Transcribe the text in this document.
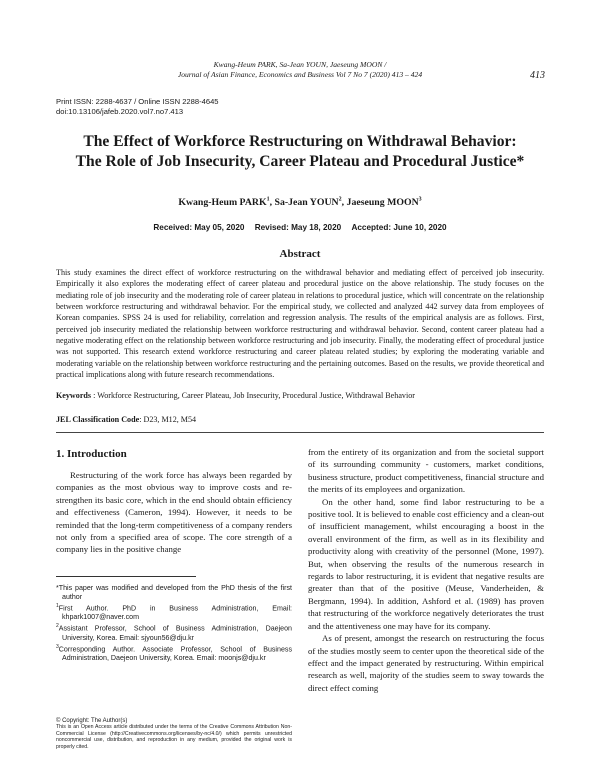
Kwang-Heum PARK, Sa-Jean YOUN, Jaeseung MOON /
Journal of Asian Finance, Economics and Business Vol 7 No 7 (2020) 413 – 424	413
Print ISSN: 2288-4637 / Online ISSN 2288-4645
doi:10.13106/jafeb.2020.vol7.no7.413
The Effect of Workforce Restructuring on Withdrawal Behavior:
The Role of Job Insecurity, Career Plateau and Procedural Justice*
Kwang-Heum PARK$^1$, Sa-Jean YOUN$^2$, Jaeseung MOON$^3$
Received: May 05, 2020 Revised: May 18, 2020 Accepted: June 10, 2020
Abstract
This study examines the direct effect of workforce restructuring on the withdrawal behavior and mediating effect of perceived job insecurity. Empirically it also explores the moderating effect of career plateau and procedural justice on the above relationship. The study focuses on the mediating role of job insecurity and the moderating role of career plateau in relations to procedural justice, which will concentrate on the relationship between workforce restructuring and withdrawal behavior. For the empirical study, we collected and analyzed 442 survey data from employees of Korean companies. SPSS 24 is used for reliability, correlation and regression analysis. The results of the empirical analysis are as follows. First, perceived job insecurity mediated the relationship between workforce restructuring and withdrawal behavior. Second, content career plateau had a negative moderating effect on the relationship between workforce restructuring and job insecurity. Finally, the moderating effect of procedural justice was not supported. This research extend workforce restructuring and career plateau related studies; by exploring the moderating variable and moderating variable on the relationship between workforce restructuring and the pertaining outcomes. Based on the results, we provide theoretical and practical implications along with future research recommendations.
Keywords : Workforce Restructuring, Career Plateau, Job Insecurity, Procedural Justice, Withdrawal Behavior
JEL Classification Code: D23, M12, M54
1. Introduction

Restructuring of the work force has always been regarded by companies as the most obvious way to improve costs and re-strengthen its basic core, which in the end should obtain efficiency and effectiveness (Cameron, 1994). However, it needs to be reminded that the long-term competitiveness of a company renders not only from a specified area of scope. The core strength of a company lies in the positive change

from the entirety of its organization and from the societal support of its surrounding community - customers, market conditions, business structure, product competitiveness, financial structure and the merits of its employees and organization.

On the other hand, some find labor restructuring to be a positive tool. It is believed to enable cost efficiency and a clean-out of insufficient management, whilst encouraging a boost in the overall environment of the firm, as well as in its flexibility and productivity along with creativity of the personnel (Mone, 1997). But, when observing the results of the numerous research in regards to labor restructuring, it is evident that negative results are greater than that of the positive (Meuse, Vanderheiden, & Bergmann, 1994). In addition, Ashford et al. (1989) has proven that restructuring of the workforce negatively deteriorates the trust and the attentiveness one may have for its company.

As of present, amongst the research on restructuring the focus of the studies mostly seem to center upon the theoretical side of the effect and the impact generated by restructuring. Within empirical research as well, majority of the studies seem to sway towards the direct effect coming

*This paper was modified and developed from the PhD thesis of the first author

$^1$First Author. PhD in Business Administration, Email: khpark1007@naver.com

$^2$Assistant Professor, School of Business Administration, Daejeon University, Korea. Email: sjyoun56@dju.kr

$^3$Corresponding Author. Associate Professor, School of Business Administration, Daejeon University, Korea. Email: moonjs@dju.kr

© Copyright: The Author(s)
This is an Open Access article distributed under the terms of the Creative Commons Attribution Non-Commercial License (http://Creativecommons.org/licenses/by-nc/4.0/) which permits unrestricted noncommercial use, distribution, and reproduction in any medium, provided the original work is properly cited.
